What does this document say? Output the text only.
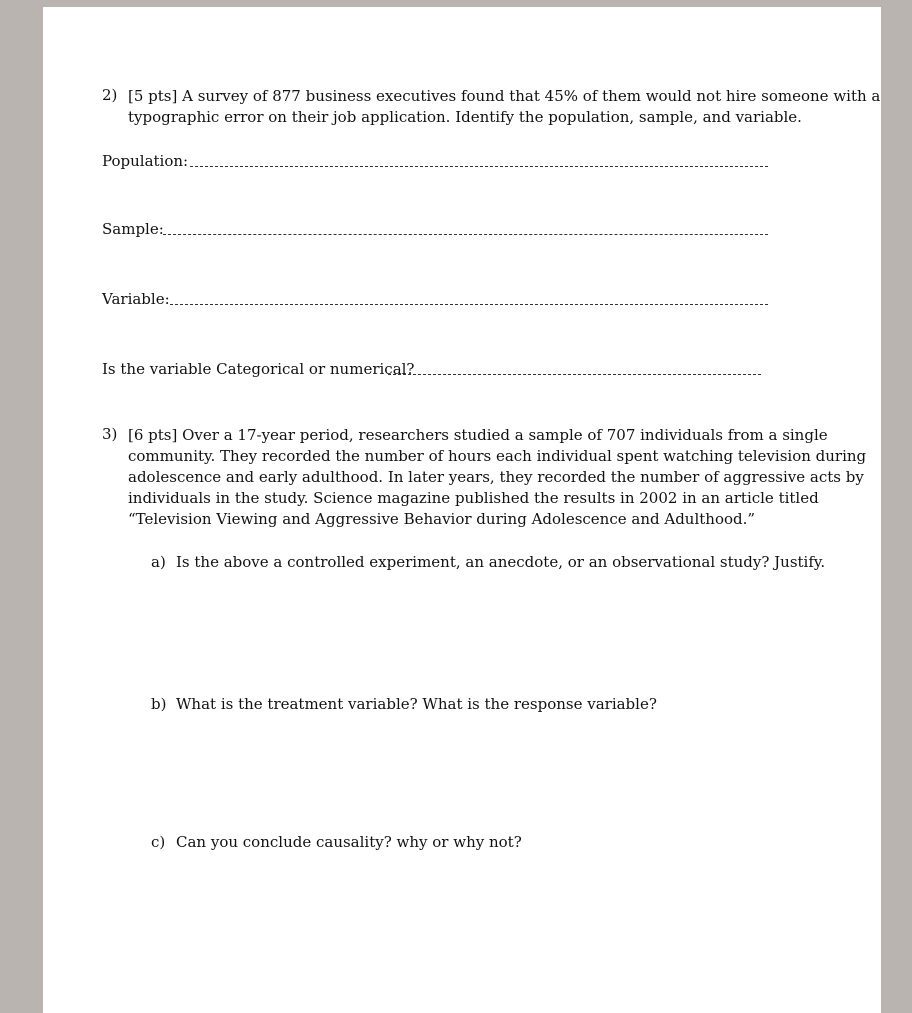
2) [5 pts] A survey of 877 business executives found that 45% of them would not hire someone with a
typographic error on their job application. Identify the population, sample, and variable.
Population:
Sample:
Variable:
Is the variable Categorical or numerical?
3) [6 pts] Over a 17-year period, researchers studied a sample of 707 individuals from a single
community. They recorded the number of hours each individual spent watching television during
adolescence and early adulthood. In later years, they recorded the number of aggressive acts by
individuals in the study. Science magazine published the results in 2002 in an article titled
“Television Viewing and Aggressive Behavior during Adolescence and Adulthood.”
a) Is the above a controlled experiment, an anecdote, or an observational study? Justify.
b) What is the treatment variable? What is the response variable?
c) Can you conclude causality? why or why not?
